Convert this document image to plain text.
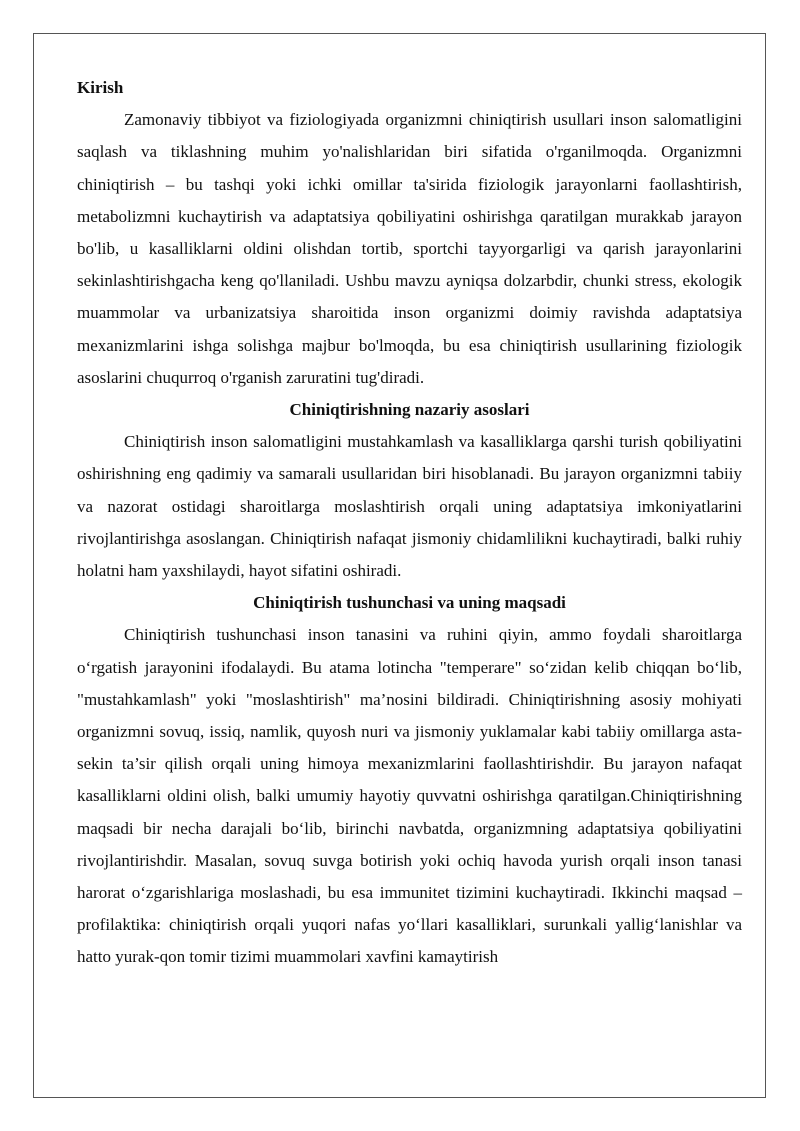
Kirish

Zamonaviy tibbiyot va fiziologiyada organizmni chiniqtirish usullari inson salomatligini saqlash va tiklashning muhim yo'nalishlaridan biri sifatida o'rganilmoqda. Organizmni chiniqtirish – bu tashqi yoki ichki omillar ta'sirida fiziologik jarayonlarni faollashtirish, metabolizmni kuchaytirish va adaptatsiya qobiliyatini oshirishga qaratilgan murakkab jarayon bo'lib, u kasalliklarni oldini olishdan tortib, sportchi tayyorgarligi va qarish jarayonlarini sekinlashtirishgacha keng qo'llaniladi. Ushbu mavzu ayniqsa dolzarbdir, chunki stress, ekologik muammolar va urbanizatsiya sharoitida inson organizmi doimiy ravishda adaptatsiya mexanizmlarini ishga solishga majbur bo'lmoqda, bu esa chiniqtirish usullarining fiziologik asoslarini chuqurroq o'rganish zaruratini tug'diradi.

Chiniqtirishning nazariy asoslari

Chiniqtirish inson salomatligini mustahkamlash va kasalliklarga qarshi turish qobiliyatini oshirishning eng qadimiy va samarali usullaridan biri hisoblanadi. Bu jarayon organizmni tabiiy va nazorat ostidagi sharoitlarga moslashtirish orqali uning adaptatsiya imkoniyatlarini rivojlantirishga asoslangan. Chiniqtirish nafaqat jismoniy chidamlilikni kuchaytiradi, balki ruhiy holatni ham yaxshilaydi, hayot sifatini oshiradi.

Chiniqtirish tushunchasi va uning maqsadi

Chiniqtirish tushunchasi inson tanasini va ruhini qiyin, ammo foydali sharoitlarga o‘rgatish jarayonini ifodalaydi. Bu atama lotincha "temperare" so‘zidan kelib chiqqan bo‘lib, "mustahkamlash" yoki "moslashtirish" ma’nosini bildiradi. Chiniqtirishning asosiy mohiyati organizmni sovuq, issiq, namlik, quyosh nuri va jismoniy yuklamalar kabi tabiiy omillarga asta-sekin ta’sir qilish orqali uning himoya mexanizmlarini faollashtirishdir. Bu jarayon nafaqat kasalliklarni oldini olish, balki umumiy hayotiy quvvatni oshirishga qaratilgan.Chiniqtirishning maqsadi bir necha darajali bo‘lib, birinchi navbatda, organizmning adaptatsiya qobiliyatini rivojlantirishdir. Masalan, sovuq suvga botirish yoki ochiq havoda yurish orqali inson tanasi harorat o‘zgarishlariga moslashadi, bu esa immunitet tizimini kuchaytiradi. Ikkinchi maqsad – profilaktika: chiniqtirish orqali yuqori nafas yo‘llari kasalliklari, surunkali yallig‘lanishlar va hatto yurak-qon tomir tizimi muammolari xavfini kamaytirish
